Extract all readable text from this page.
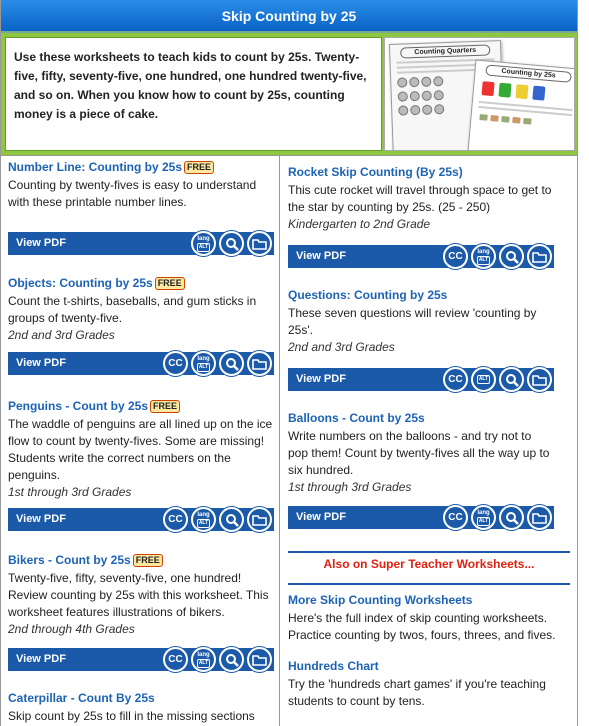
Skip Counting by 25
Use these worksheets to teach kids to count by 25s. Twenty-five, fifty, seventy-five, one hundred, one hundred twenty-five, and so on. When you know how to count by 25s, counting money is a piece of cake.
Counting Quarters
Counting by 25s
Number Line: Counting by 25s FREE
Counting by twenty-fives is easy to understand with these printable number lines.
View PDF	lang
ALT
Objects: Counting by 25s FREE
Count the t-shirts, baseballs, and gum sticks in groups of twenty-five.
2nd and 3rd Grades
View PDF	CC	lang
ALT
Penguins - Count by 25s FREE
The waddle of penguins are all lined up on the ice flow to count by twenty-fives. Some are missing! Students write the correct numbers on the penguins.
1st through 3rd Grades
View PDF	CC	lang
ALT
Bikers - Count by 25s FREE
Twenty-five, fifty, seventy-five, one hundred! Review counting by 25s with this worksheet. This worksheet features illustrations of bikers.
2nd through 4th Grades
View PDF	CC	lang
ALT
Caterpillar - Count By 25s
Skip count by 25s to fill in the missing sections
Rocket Skip Counting (By 25s)
This cute rocket will travel through space to get to the star by counting by 25s. (25 - 250)
Kindergarten to 2nd Grade
View PDF	CC	lang
ALT
Questions: Counting by 25s
These seven questions will review 'counting by 25s'.
2nd and 3rd Grades
View PDF	CC	ALT
Balloons - Count by 25s
Write numbers on the balloons - and try not to pop them! Count by twenty-fives all the way up to six hundred.
1st through 3rd Grades
View PDF	CC	lang
ALT
Also on Super Teacher Worksheets...
More Skip Counting Worksheets
Here's the full index of skip counting worksheets. Practice counting by twos, fours, threes, and fives.
Hundreds Chart
Try the 'hundreds chart games' if you're teaching students to count by tens.
